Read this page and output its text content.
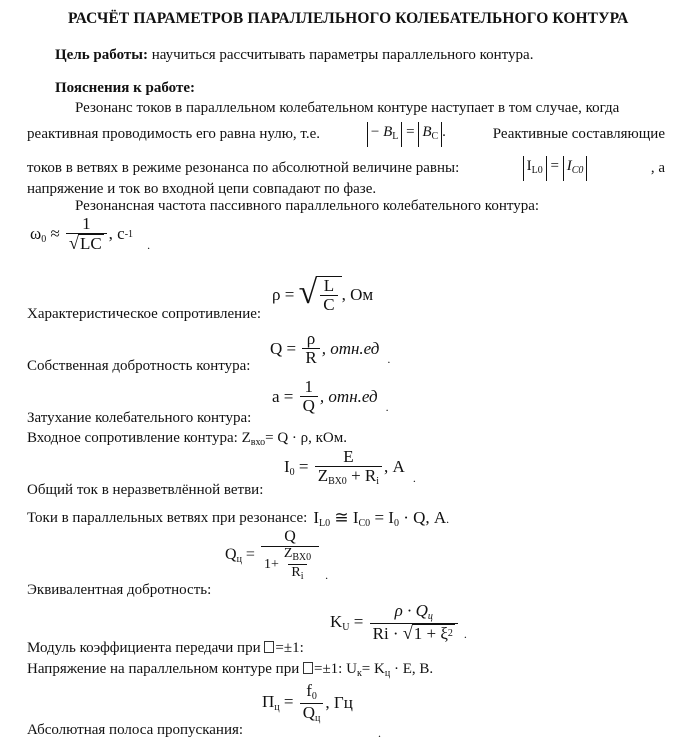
РАСЧЁТ ПАРАМЕТРОВ ПАРАЛЛЕЛЬНОГО КОЛЕБАТЕЛЬНОГО КОНТУРА
Цель работы: научиться рассчитывать параметры параллельного контура.
Пояснения к работе:
Резонанс токов в параллельном колебательном контуре наступает в том случае, когда
реактивная проводимость его равна нулю, т.е.	− $B_L = B_C$ .	Реактивные составляющие
токов в ветвях в режиме резонанса по абсолютной величине равны:	$I_{L0} = I_{C0}$	, а
напряжение и ток во входной цепи совпадают по фазе.
Резонансная частота пассивного параллельного колебательного контура:
$\omega_0 \approx \frac{1}{√ LC}$ , с -1
.
ρ = √ $\frac{L}{C}$ , Ом
Характеристическое сопротивление:
$Q = \frac{\rho}{R}$ , отн.ед
.
Собственная добротность контура:
$a = \frac{1}{Q}$ , отн.ед
.
Затухание колебательного контура:
Входное сопротивление контура: $Z_{вхо}= Q \cdot \rho$, кОм.
$I_0 = \frac{E}{Z_{ВХ0} + R_i}$ , А
.
Общий ток в неразветвлённой ветви:
Токи в параллельных ветвях при резонансе: $I_{L0}$ ≅ $I_{C0} = I_0 \cdot Q$, А.
$Q_ц = \frac{Q}{1+ \frac{Z_{ВХ0}}{R_i}}$ .
Эквивалентная добротность:
$K_U = \frac{\rho \cdot Q_ц}{Ri \cdot √ 1 + \xi 2}$ .
Модуль коэффициента передачи при =±1:
Напряжение на параллельном контуре при =±1: $U_к= K_ц \cdot E$, В.
$П_ц = \frac{f_0}{Q_ц}$ , Гц
Абсолютная полоса пропускания:	.
